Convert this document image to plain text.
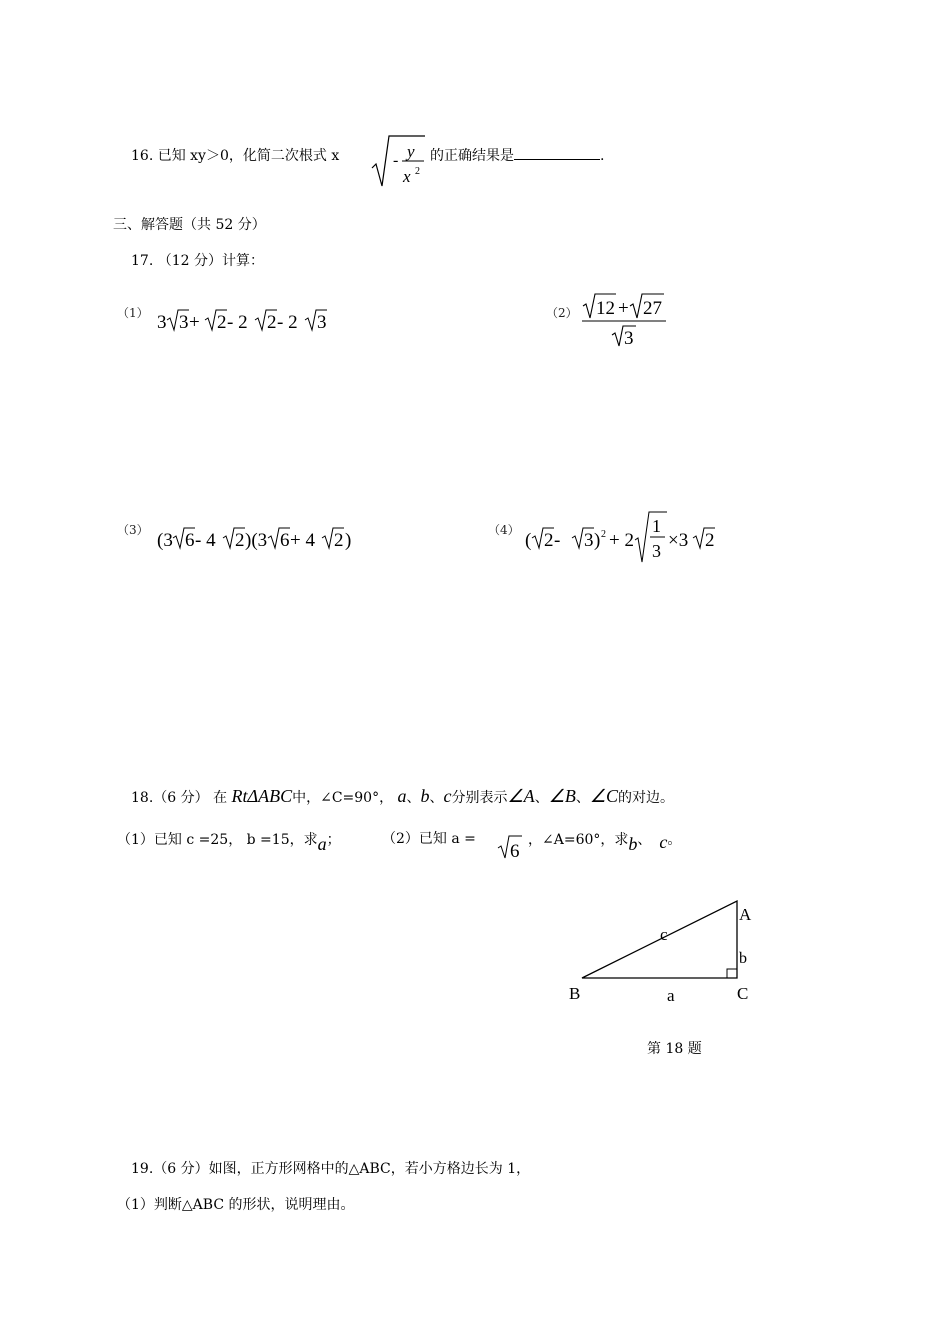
16. 已知 xy＞0，化简二次根式 x	- y
x 2
的正确结果是	.
三、解答题（共 52 分）
17. （12 分）计算：
（1） 3 3 + 2 - 2 2 - 2 3	（2） 12 + 27
3
（3） (3 6 - 4 2 )(3 6 + 4 2 )	（4） ( 2 - 3 ) 2 + 2
1
3 ×3 2
18.（6 分） 在 RtΔABC中，∠C=90°， a、b、c分别表示∠A、∠B、∠C的对边。
（1）已知 c =25， b =15，求a；	（2）已知 a =
6
，∠A=60°，求b、 c。
A
B	C
a
b
c
第 18 题
19.（6 分）如图，正方形网格中的△ABC，若小方格边长为 1，
（1）判断△ABC 的形状，说明理由。
